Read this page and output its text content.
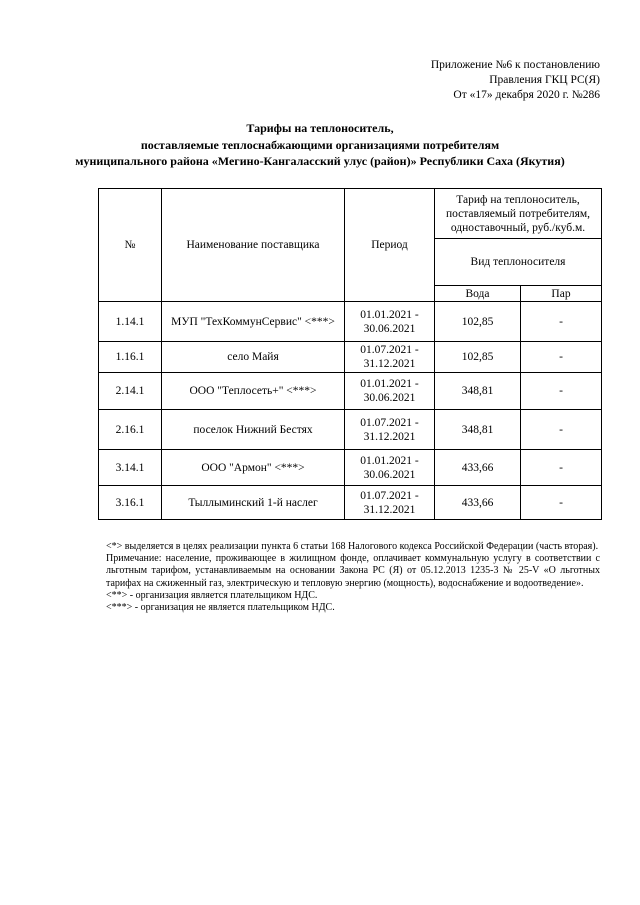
Приложение №6 к постановлению
Правления ГКЦ РС(Я)
От «17» декабря 2020 г. №286
Тарифы на теплоноситель,
поставляемые теплоснабжающими организациями потребителям
муниципального района «Мегино-Кангаласский улус (район)» Республики Саха (Якутия)
№	Наименование поставщика	Период	Тариф на теплоноситель, поставляемый потребителям, одноставочный, руб./куб.м.	
			Вид теплоносителя	
			Вода	Пар
1.14.1	МУП "ТехКоммунСервис" <***>	01.01.2021 -
30.06.2021	102,85	-
1.16.1	село Майя	01.07.2021 -
31.12.2021	102,85	-
2.14.1	ООО "Теплосеть+" <***>	01.01.2021 -
30.06.2021	348,81	-
2.16.1	поселок Нижний Бестях	01.07.2021 -
31.12.2021	348,81	-
3.14.1	ООО "Армон" <***>	01.01.2021 -
30.06.2021	433,66	-
3.16.1	Тыллыминский 1-й наслег	01.07.2021 -
31.12.2021	433,66	-

<*> выделяется в целях реализации пункта 6 статьи 168 Налогового кодекса Российской Федерации (часть вторая).

Примечание: население, проживающее в жилищном фонде, оплачивает коммунальную услугу в соответствии с льготным тарифом, устанавливаемым на основании Закона РС (Я) от 05.12.2013 1235-3 № 25-V «О льготных тарифах на сжиженный газ, электрическую и тепловую энергию (мощность), водоснабжение и водоотведение».

<**> - организация является плательщиком НДС.

<***> - организация не является плательщиком НДС.
